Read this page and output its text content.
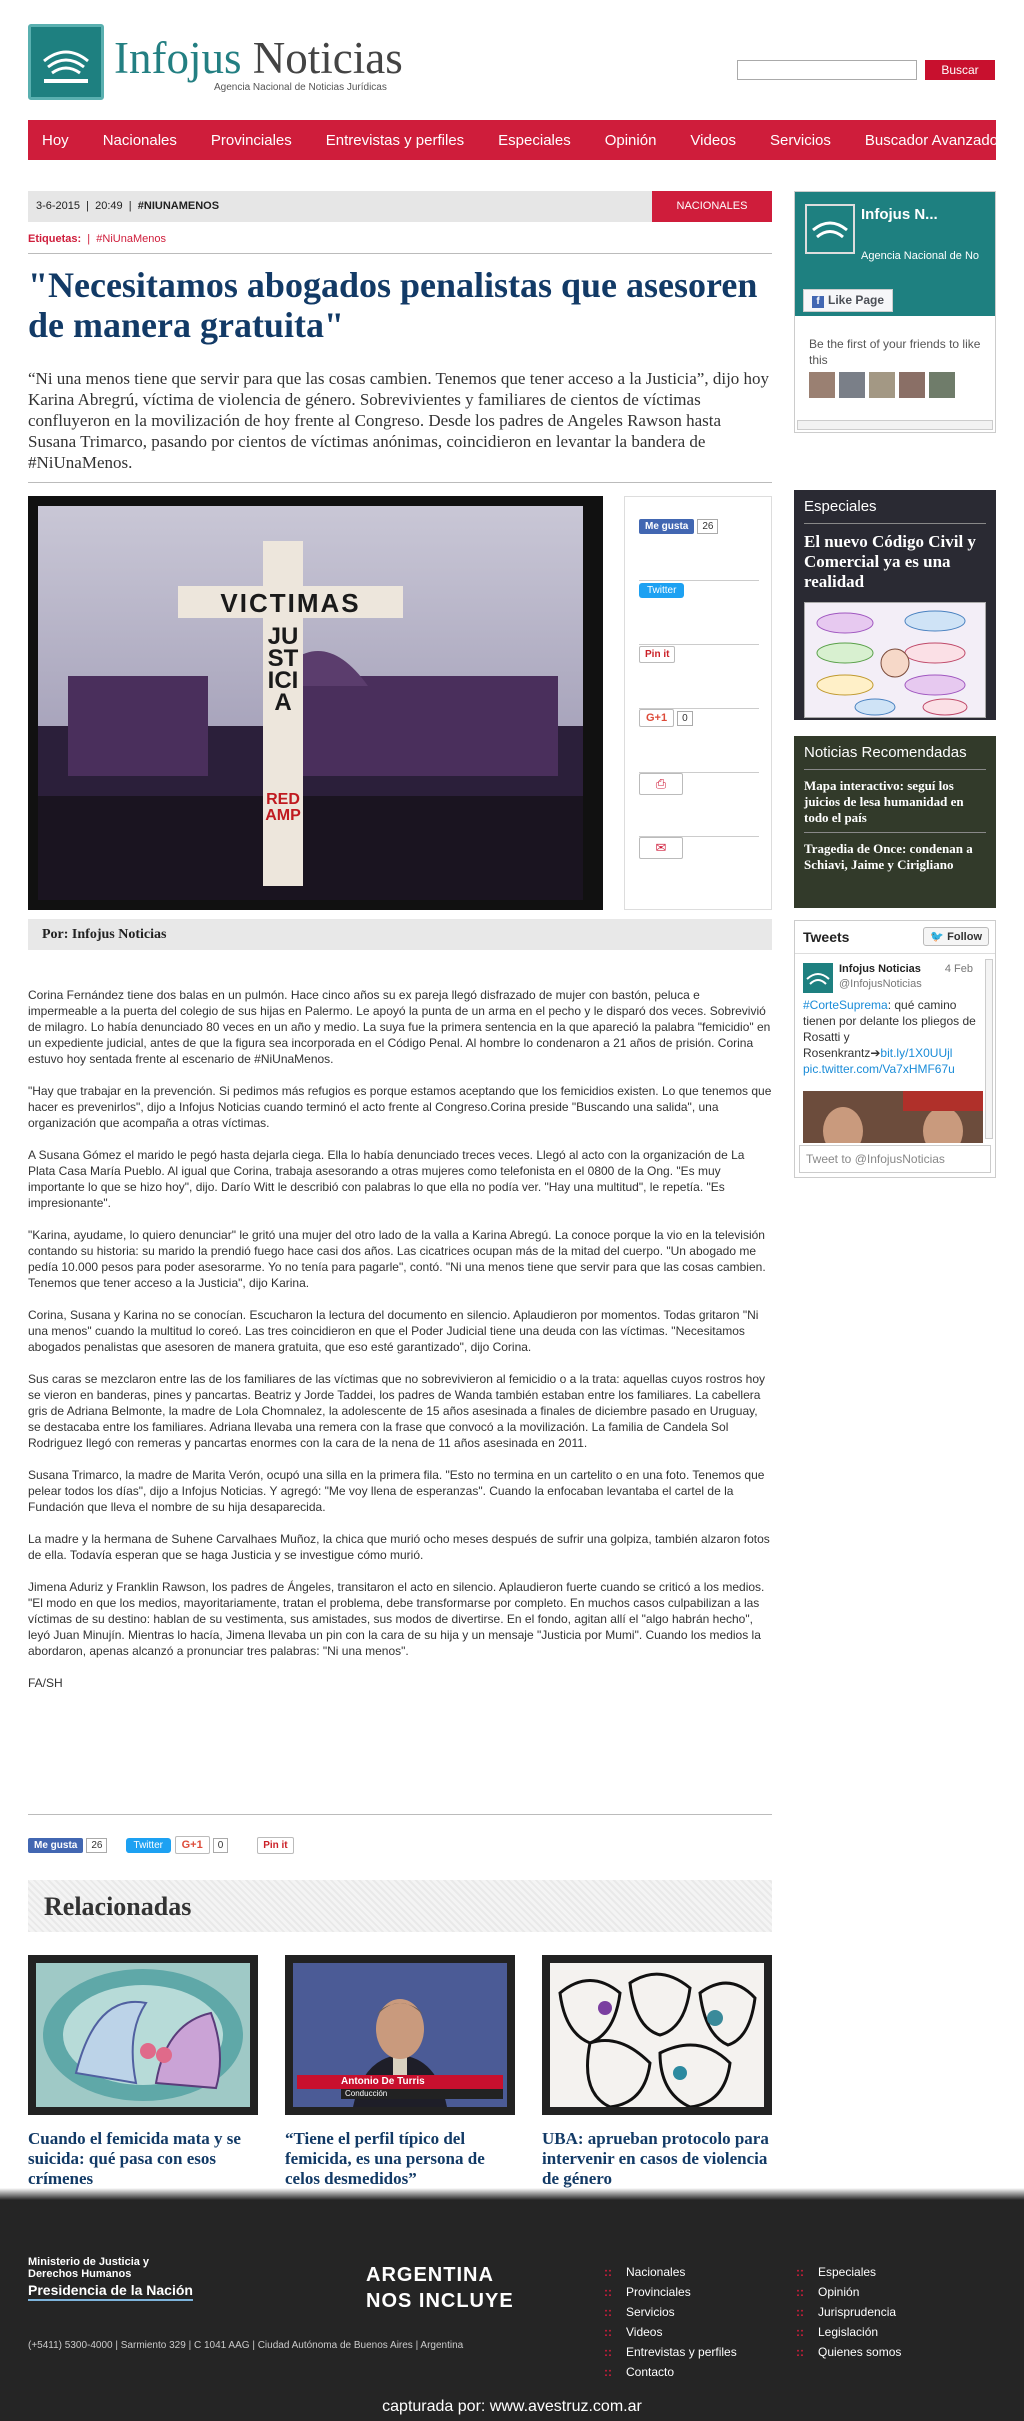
Infojus Noticias
Agencia Nacional de Noticias Jurídicas
Buscar
Hoy Nacionales Provinciales Entrevistas y perfiles Especiales Opinión Videos Servicios Buscador Avanzado
3-6-2015  |  20:49  |  #NIUNAMENOS	NACIONALES
Etiquetas:  |  #NiUnaMenos
"Necesitamos abogados penalistas que asesoren de manera gratuita"

“Ni una menos tiene que servir para que las cosas cambien. Tenemos que tener acceso a la Justicia”, dijo hoy Karina Abregrú, víctima de violencia de género. Sobrevivientes y familiares de cientos de víctimas confluyeron en la movilización de hoy frente al Congreso. Desde los padres de Angeles Rawson hasta Susana Trimarco, pasando por cientos de víctimas anónimas, coincidieron en levantar la bandera de #NiUnaMenos.

VICTIMAS
JUSTICIA
RED AMP
Me gusta 26
Twitter
Pin it
G+1 0
⎙
✉
Por: Infojus Noticias

Corina Fernández tiene dos balas en un pulmón. Hace cinco años su ex pareja llegó disfrazado de mujer con bastón, peluca e impermeable a la puerta del colegio de sus hijas en Palermo. Le apoyó la punta de un arma en el pecho y le disparó dos veces. Sobrevivió de milagro. Lo había denunciado 80 veces en un año y medio. La suya fue la primera sentencia en la que apareció la palabra "femicidio" en un expediente judicial, antes de que la figura sea incorporada en el Código Penal. Al hombre lo condenaron a 21 años de prisión. Corina estuvo hoy sentada frente al escenario de #NiUnaMenos.

"Hay que trabajar en la prevención. Si pedimos más refugios es porque estamos aceptando que los femicidios existen. Lo que tenemos que hacer es prevenirlos", dijo a Infojus Noticias cuando terminó el acto frente al Congreso.Corina preside "Buscando una salida", una organización que acompaña a otras víctimas.

A Susana Gómez el marido le pegó hasta dejarla ciega. Ella lo había denunciado treces veces. Llegó al acto con la organización de La Plata Casa María Pueblo. Al igual que Corina, trabaja asesorando a otras mujeres como telefonista en el 0800 de la Ong. "Es muy importante lo que se hizo hoy", dijo. Darío Witt le describió con palabras lo que ella no podía ver. "Hay una multitud", le repetía. "Es impresionante".

"Karina, ayudame, lo quiero denunciar" le gritó una mujer del otro lado de la valla a Karina Abregú. La conoce porque la vio en la televisión contando su historia: su marido la prendió fuego hace casi dos años. Las cicatrices ocupan más de la mitad del cuerpo. "Un abogado me pedía 10.000 pesos para poder asesorarme. Yo no tenía para pagarle", contó. "Ni una menos tiene que servir para que las cosas cambien. Tenemos que tener acceso a la Justicia", dijo Karina.

Corina, Susana y Karina no se conocían. Escucharon la lectura del documento en silencio. Aplaudieron por momentos. Todas gritaron "Ni una menos" cuando la multitud lo coreó. Las tres coincidieron en que el Poder Judicial tiene una deuda con las víctimas. "Necesitamos abogados penalistas que asesoren de manera gratuita, que eso esté garantizado", dijo Corina.

Sus caras se mezclaron entre las de los familiares de las víctimas que no sobrevivieron al femicidio o a la trata: aquellas cuyos rostros hoy se vieron en banderas, pines y pancartas. Beatriz y Jorde Taddei, los padres de Wanda también estaban entre los familiares. La cabellera gris de Adriana Belmonte, la madre de Lola Chomnalez, la adolescente de 15 años asesinada a finales de diciembre pasado en Uruguay, se destacaba entre los familiares. Adriana llevaba una remera con la frase que convocó a la movilización. La familia de Candela Sol Rodriguez llegó con remeras y pancartas enormes con la cara de la nena de 11 años asesinada en 2011.

Susana Trimarco, la madre de Marita Verón, ocupó una silla en la primera fila. "Esto no termina en un cartelito o en una foto. Tenemos que pelear todos los días", dijo a Infojus Noticias. Y agregó: "Me voy llena de esperanzas". Cuando la enfocaban levantaba el cartel de la Fundación que lleva el nombre de su hija desaparecida.

La madre y la hermana de Suhene Carvalhaes Muñoz, la chica que murió ocho meses después de sufrir una golpiza, también alzaron fotos de ella. Todavía esperan que se haga Justicia y se investigue cómo murió.

Jimena Aduriz y Franklin Rawson, los padres de Ángeles, transitaron el acto en silencio. Aplaudieron fuerte cuando se criticó a los medios. "El modo en que los medios, mayoritariamente, tratan el problema, debe transformarse por completo. En muchos casos culpabilizan a las víctimas de su destino: hablan de su vestimenta, sus amistades, sus modos de divertirse. En el fondo, agitan allí el "algo habrán hecho", leyó Juan Minujín. Mientras lo hacía, Jimena llevaba un pin con la cara de su hija y un mensaje "Justicia por Mumi". Cuando los medios la abordaron, apenas alcanzó a pronunciar tres palabras: "Ni una menos".

FA/SH

Me gusta 26	Twitter G+1 0	Pin it
Relacionadas
Cuando el femicida mata y se suicida: qué pasa con esos crímenes
Antonio De Turris
Conducción
“Tiene el perfil típico del femicida, es una persona de celos desmedidos”
UBA: aprueban protocolo para intervenir en casos de violencia de género
Infojus N...
Agencia Nacional de No
f Like Page
Be the first of your friends to like this
Especiales
El nuevo Código Civil y Comercial ya es una realidad
Noticias Recomendadas
Mapa interactivo: seguí los juicios de lesa humanidad en todo el país
Tragedia de Once: condenan a Schiavi, Jaime y Cirigliano
Tweets	🐦 Follow
Infojus Noticias
@InfojusNoticias
4 Feb
#CorteSuprema: qué camino tienen por delante los pliegos de Rosatti y Rosenkrantz➔bit.ly/1X0UUjl pic.twitter.com/Va7xHMF67u
Tweet to @InfojusNoticias
Ministerio de Justicia y Derechos Humanos
Presidencia de la Nación
ARGENTINA
NOS INCLUYE
(+5411) 5300-4000 | Sarmiento 329 | C 1041 AAG | Ciudad Autónoma de Buenos Aires | Argentina
:: Nacionales
:: Provinciales
:: Servicios
:: Videos
:: Entrevistas y perfiles
:: Contacto
:: Especiales
:: Opinión
:: Jurisprudencia
:: Legislación
:: Quienes somos
capturada por: www.avestruz.com.ar
